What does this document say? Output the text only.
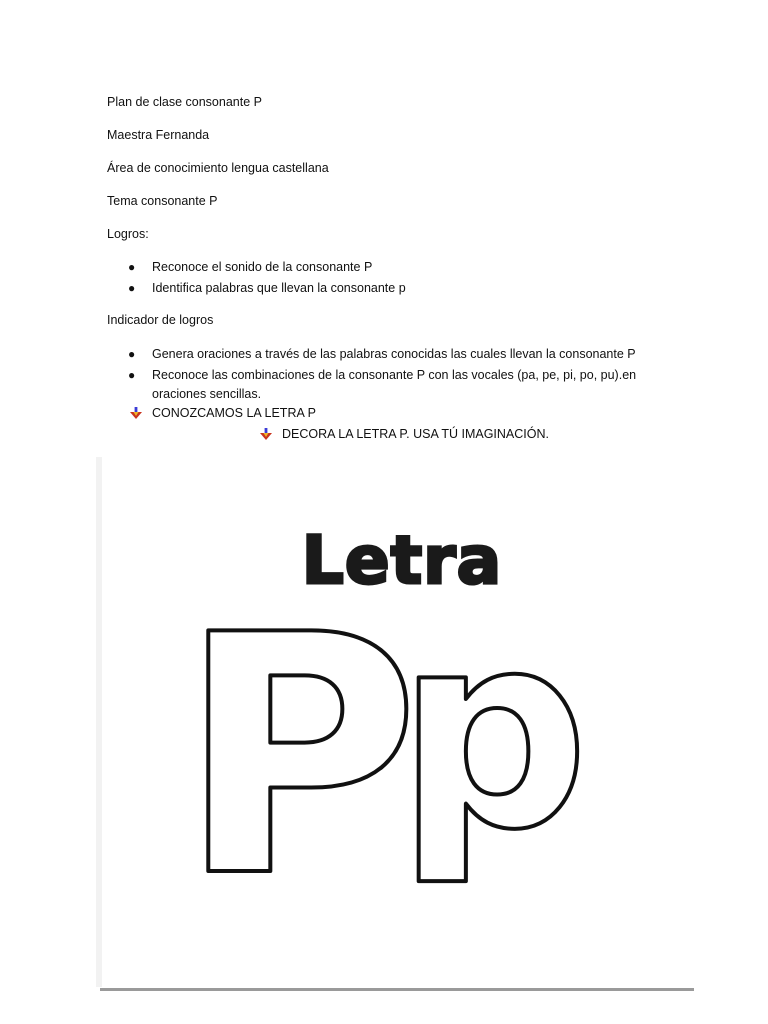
Plan de clase consonante P
Maestra Fernanda
Área de conocimiento lengua castellana
Tema consonante P
Logros:
●	Reconoce el sonido de la consonante P
●	Identifica palabras que llevan la consonante p
Indicador de logros
●	Genera oraciones a través de las palabras conocidas las cuales llevan la consonante P
●	Reconoce las combinaciones de la consonante P con las vocales (pa, pe, pi, po, pu).en
oraciones sencillas.
CONOZCAMOS LA LETRA P
DECORA LA LETRA P. USA TÚ IMAGINACIÓN.
Letra
P
p
